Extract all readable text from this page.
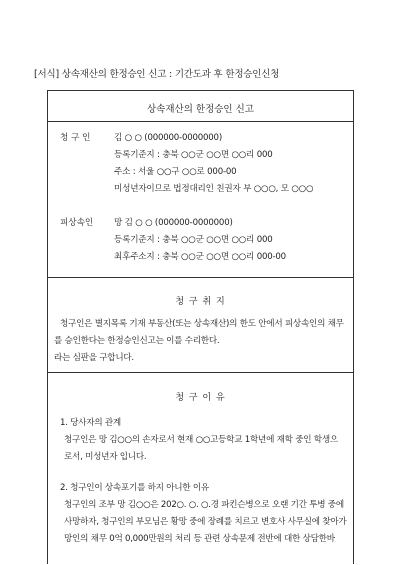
[서식] 상속재산의 한정승인 신고 : 기간도과 후 한정승인신청
상속재산의 한정승인 신고
청 구 인	김 ○ ○ (000000-0000000)
등록기준지 : 충북 ○○군 ○○면 ○○리 000
주소 : 서울 ○○구 ○○로 000-00
미성년자이므로 법정대리인 친권자 부 ○○○, 모 ○○○
피상속인 망 김 ○ ○ (000000-0000000)
등록기준지 : 충북 ○○군 ○○면 ○○리 000
최후주소지 : 충북 ○○군 ○○면 ○○리 000-00
청 구 취 지
청구인은 별지목록 기재 부동산(또는 상속재산)의 한도 안에서 피상속인의 채무
를 승인한다는 한정승인신고는 이를 수리한다.
라는 심판을 구합니다.
청 구 이 유
1. 당사자의 관계
청구인은 망 김○○의 손자로서 현재 ○○고등학교 1학년에 재학 중인 학생으
로서, 미성년자 입니다.
2. 청구인이 상속포기를 하지 아니한 이유
청구인의 조부 망 김○○은 202○. ○. ○.경 파킨슨병으로 오랜 기간 투병 중에
사망하자, 청구인의 부모님은 황망 중에 장례를 치르고 변호사 사무실에 찾아가
망인의 채무 0억 0,000만원의 처리 등 관련 상속문제 전반에 대한 상담한바
